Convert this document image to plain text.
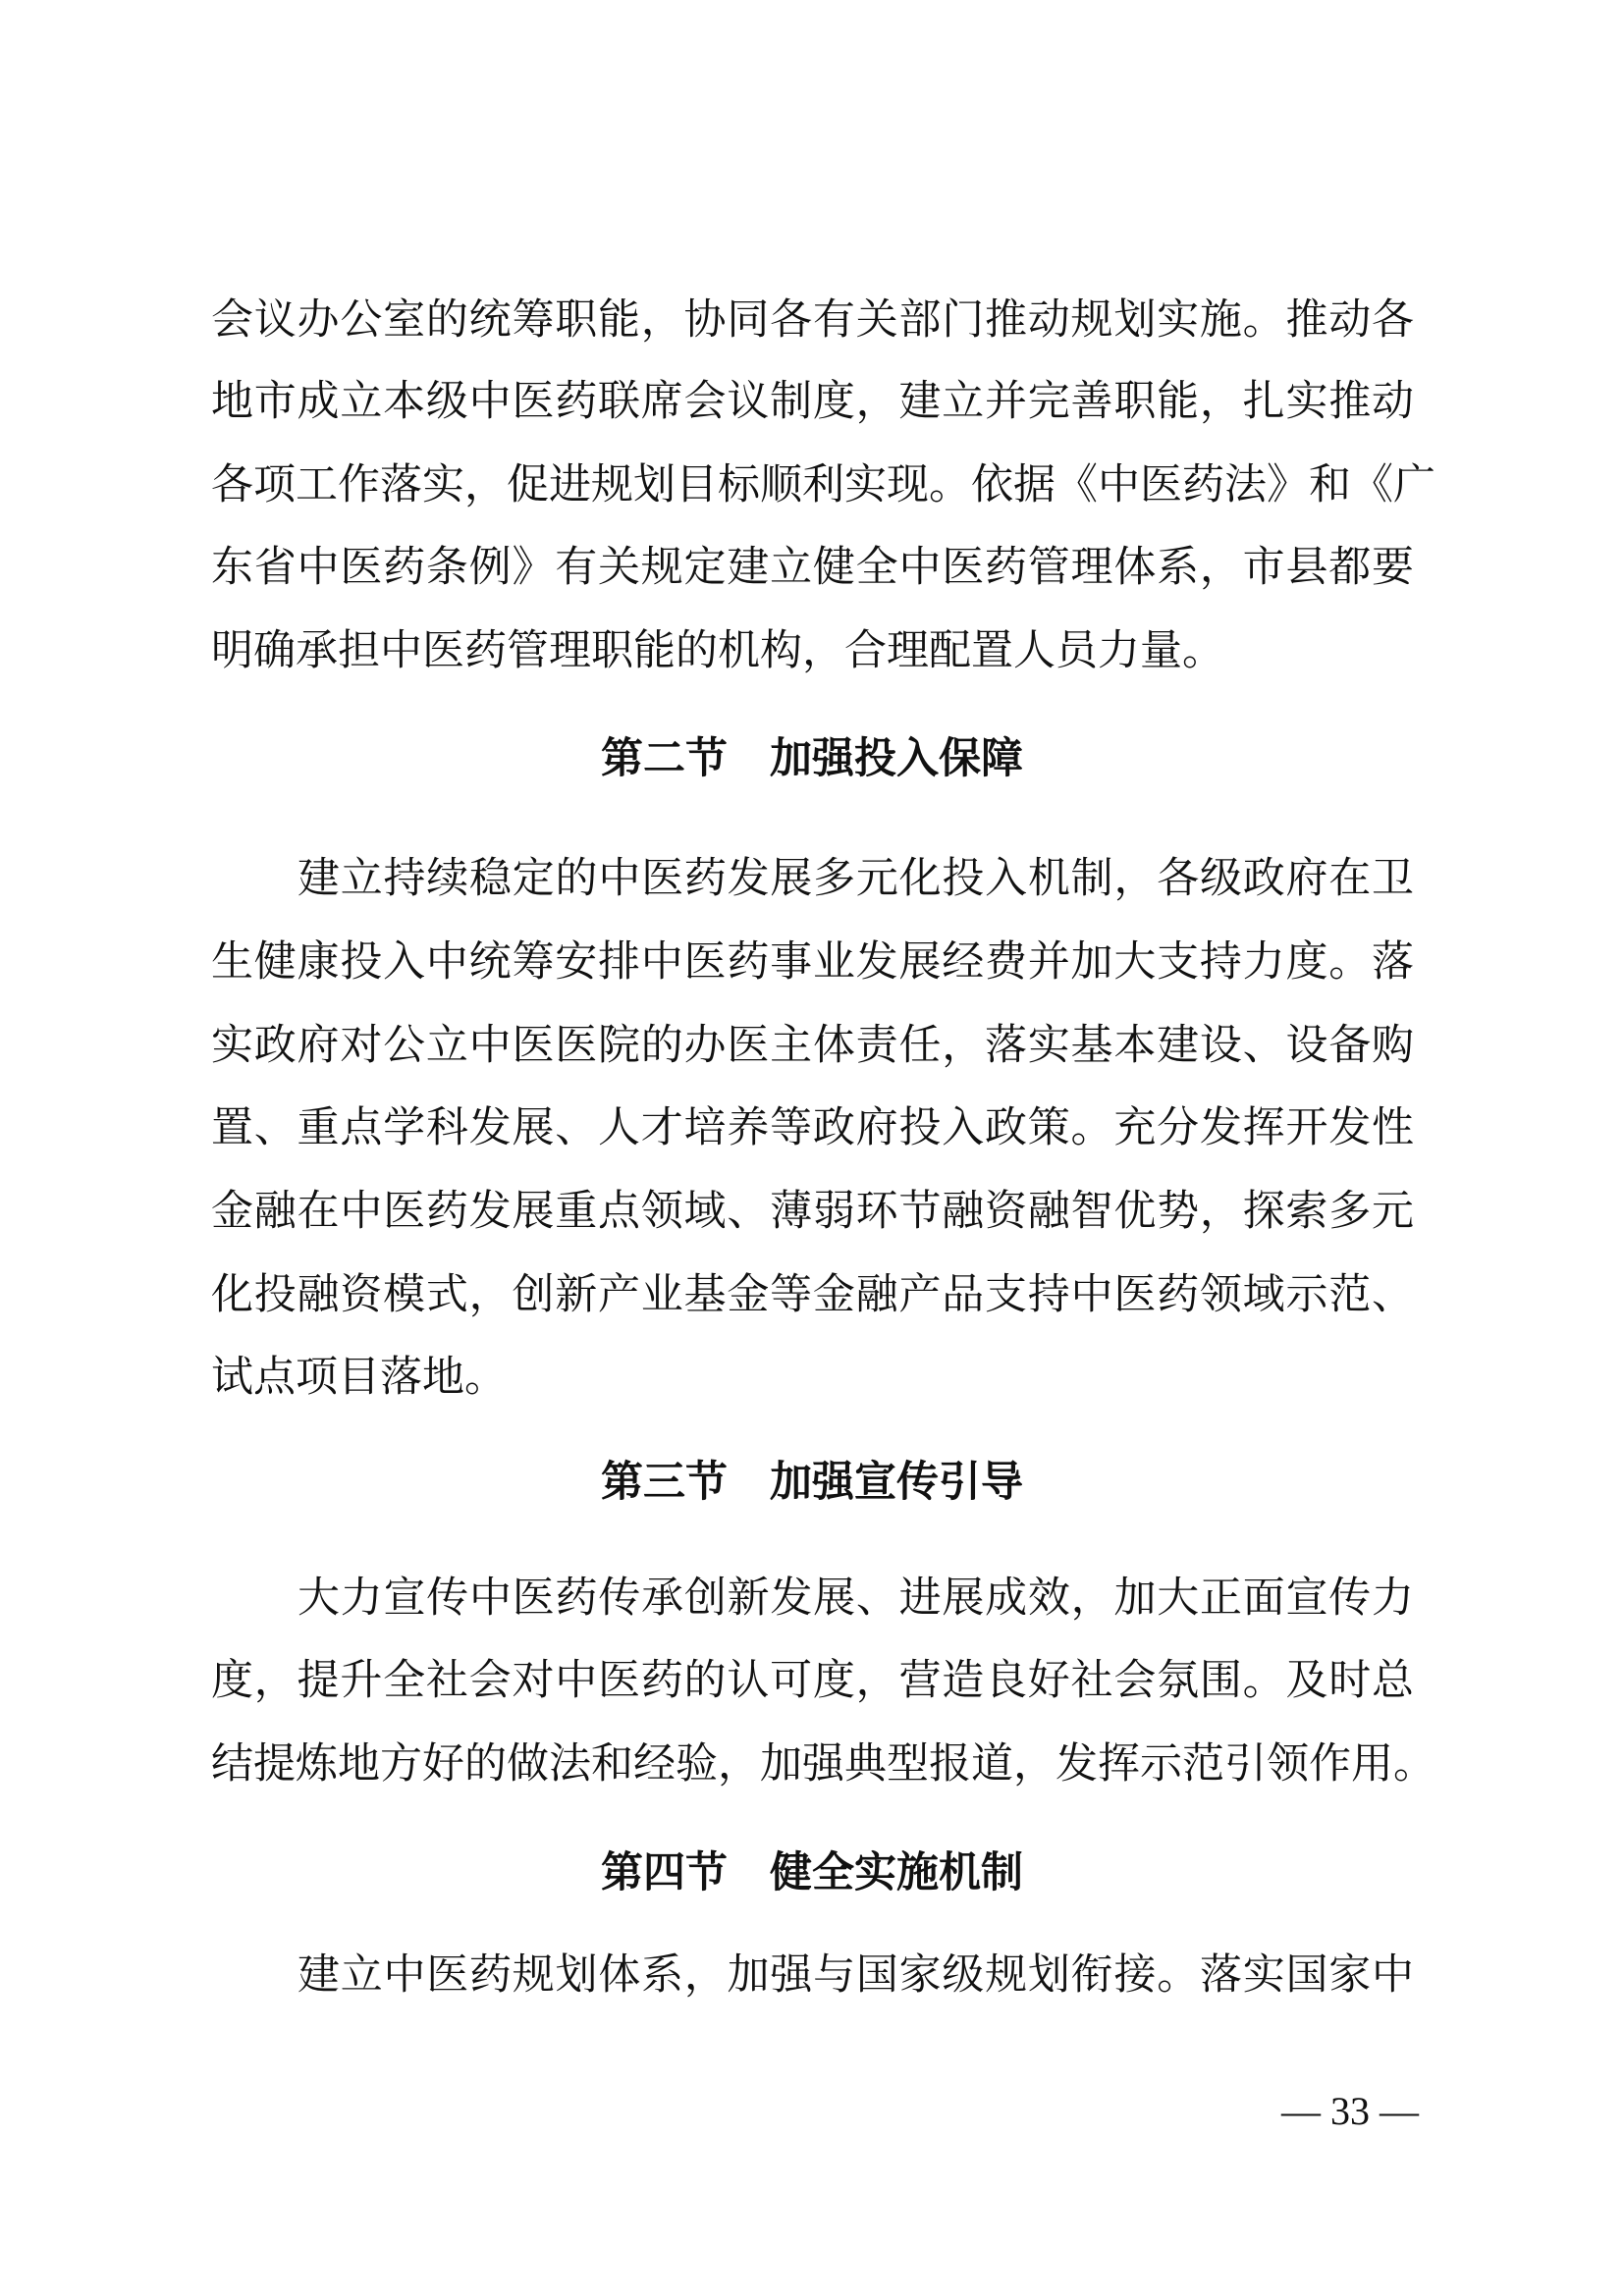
会议办公室的统筹职能，协同各有关部门推动规划实施。推动各
地市成立本级中医药联席会议制度，建立并完善职能，扎实推动
各项工作落实，促进规划目标顺利实现。依据《中医药法》和《广
东省中医药条例》有关规定建立健全中医药管理体系，市县都要
明确承担中医药管理职能的机构，合理配置人员力量。
第二节　加强投入保障
建立持续稳定的中医药发展多元化投入机制，各级政府在卫
生健康投入中统筹安排中医药事业发展经费并加大支持力度。落
实政府对公立中医医院的办医主体责任，落实基本建设、设备购
置、重点学科发展、人才培养等政府投入政策。充分发挥开发性
金融在中医药发展重点领域、薄弱环节融资融智优势，探索多元
化投融资模式，创新产业基金等金融产品支持中医药领域示范、
试点项目落地。
第三节　加强宣传引导
大力宣传中医药传承创新发展、进展成效，加大正面宣传力
度，提升全社会对中医药的认可度，营造良好社会氛围。及时总
结提炼地方好的做法和经验，加强典型报道，发挥示范引领作用。
第四节　健全实施机制
建立中医药规划体系，加强与国家级规划衔接。落实国家中
— 33 —
